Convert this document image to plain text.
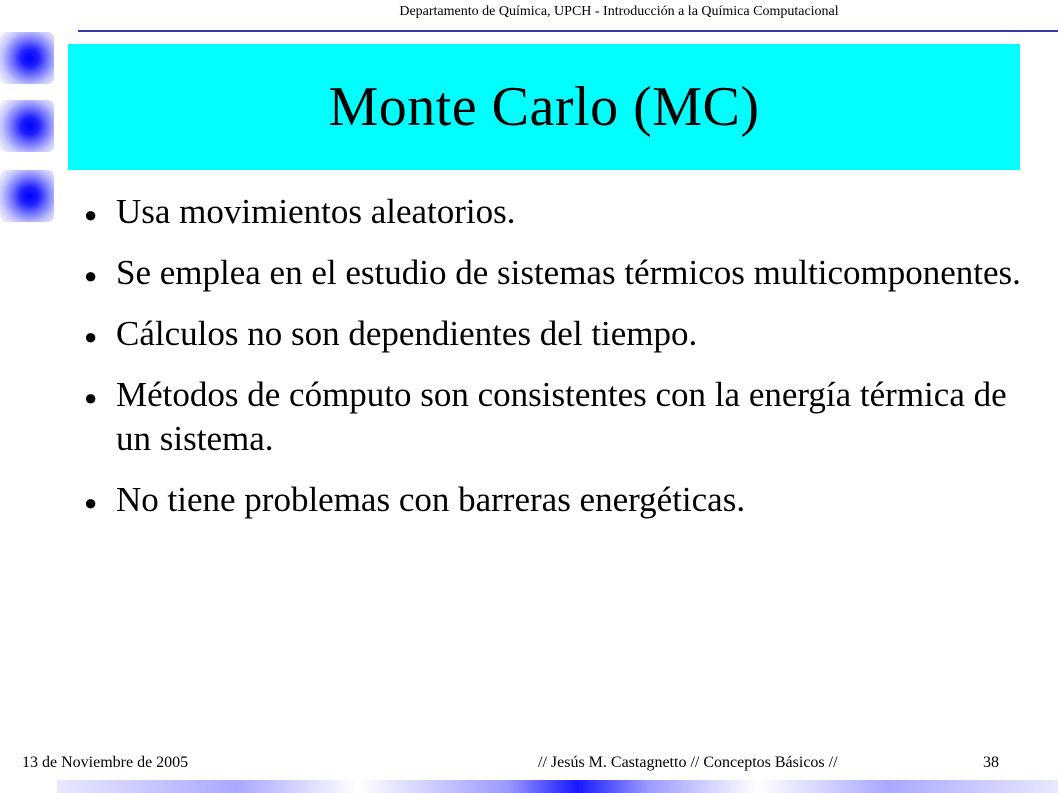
Departamento de Química, UPCH - Introducción a la Química Computacional
Monte Carlo (MC)
● Usa movimientos aleatorios.
● Se emplea en el estudio de sistemas térmicos multicomponentes.
● Cálculos no son dependientes del tiempo.
● Métodos de cómputo son consistentes con la energía térmica de un sistema.
● No tiene problemas con barreras energéticas.
13 de Noviembre de 2005	// Jesús M. Castagnetto // Conceptos Básicos //	38
